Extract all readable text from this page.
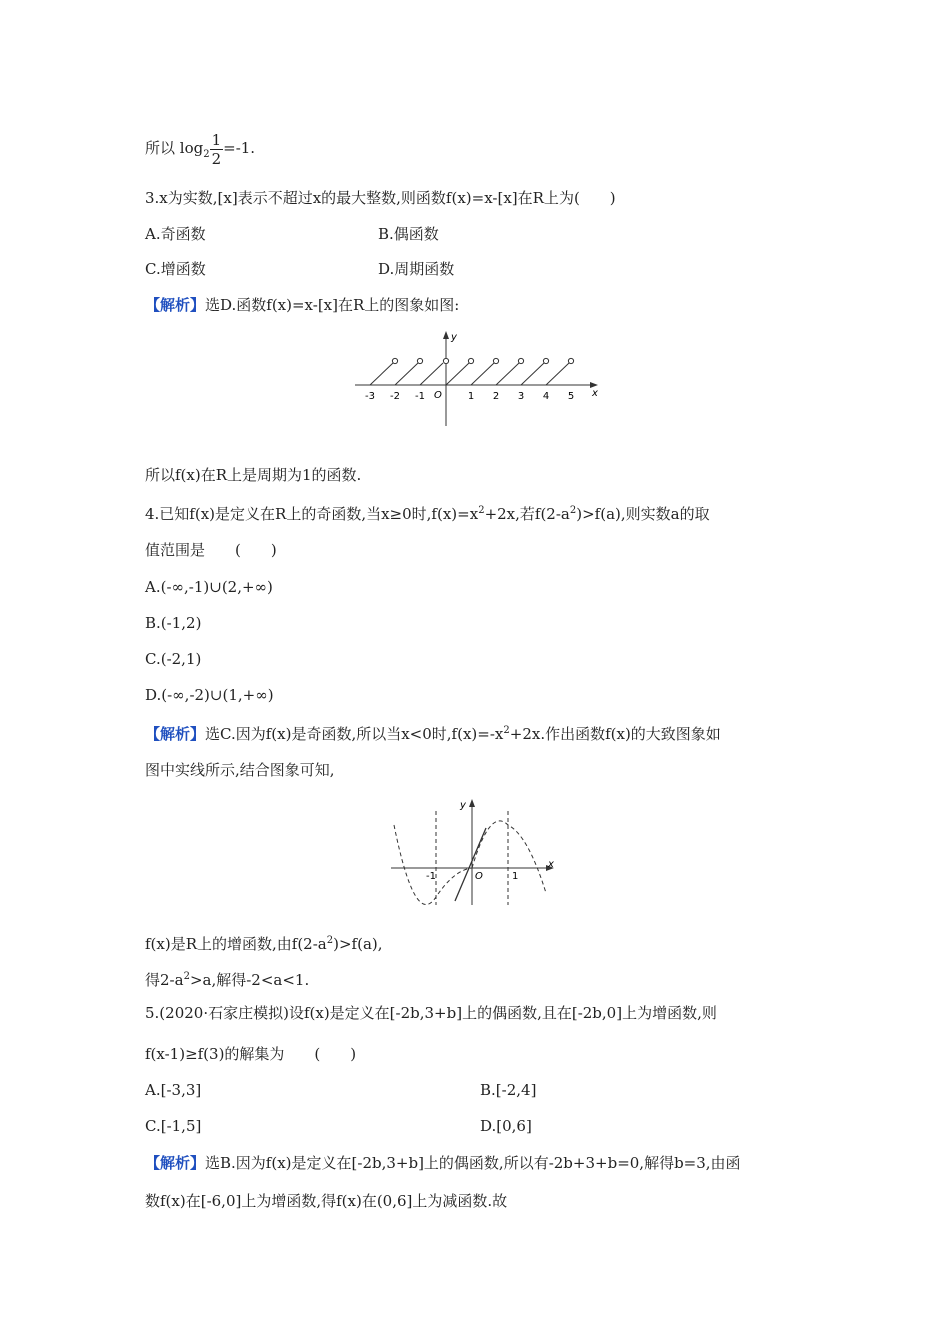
所以 $\log_2 \frac{1}{2} =-1$.
3.x为实数,[x]表示不超过x的最大整数,则函数f(x)=x-[x]在R上为(　　)
A.奇函数	B.偶函数
C.增函数	D.周期函数
【解析】选D.函数f(x)=x-[x]在R上的图象如图:
y
x
O
-3 -2 -1	1 2 3 4 5
所以f(x)在R上是周期为1的函数.
4.已知f(x)是定义在R上的奇函数,当x≥0时$,f(x)=x^2+2x$,若$f(2-a^2)>f(a)$,则实数a的取
值范围是　　(　　)
A.(-∞,-1)∪(2,+∞)
B.(-1,2)
C.(-2,1)
D.(-∞,-2)∪(1,+∞)
【解析】选C.因为f(x)是奇函数,所以当x<0时$,f(x)=-x^2+2x$.作出函数f(x)的大致图象如
图中实线所示,结合图象可知,
y
x
O
-1	1
f(x)是R上的增函数,由$f(2-a^2)>f(a)$,
得$2-a^2>a$,解得-2<a<1.
5.(2020·石家庄模拟)设f(x)是定义在[-2b,3+b]上的偶函数,且在[-2b,0]上为增函数,则
f(x-1)≥f(3)的解集为　　(　　)
A.[-3,3]	B.[-2,4]
C.[-1,5]	D.[0,6]
【解析】选B.因为f(x)是定义在[-2b,3+b]上的偶函数,所以有-2b+3+b=0,解得b=3,由函
数f(x)在[-6,0]上为增函数,得f(x)在(0,6]上为减函数.故
